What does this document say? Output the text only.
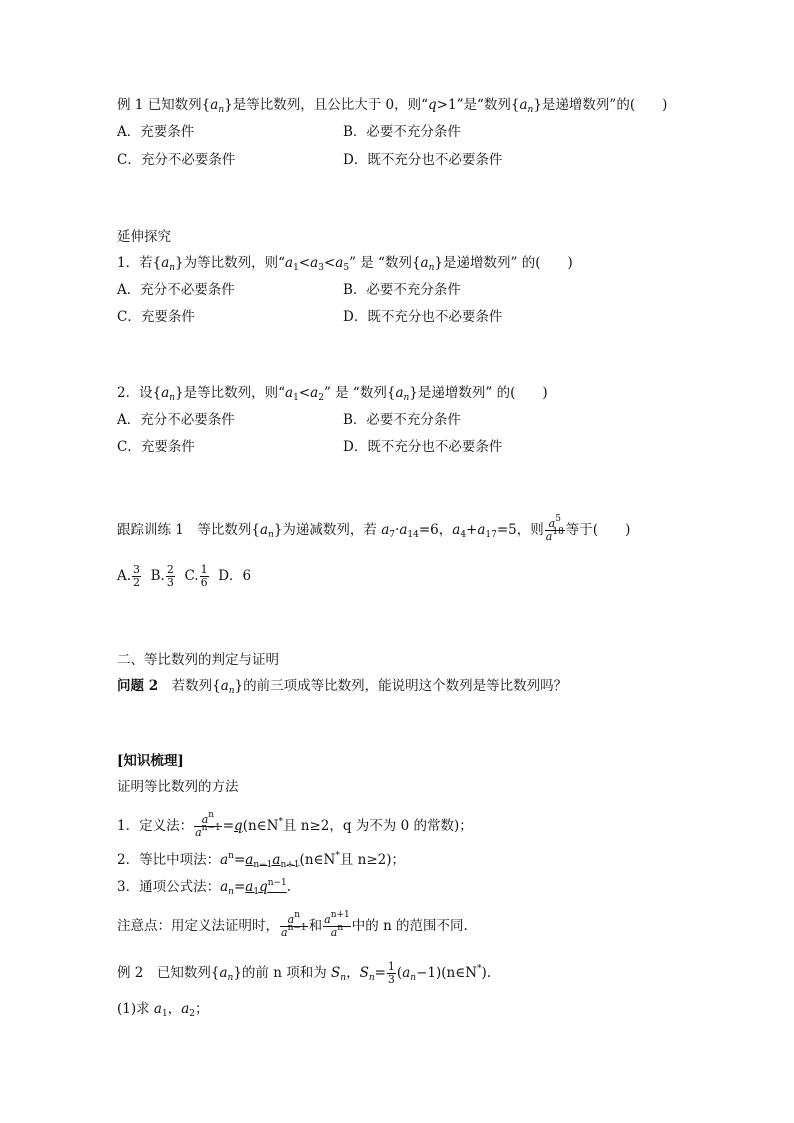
例 1 已知数列$\{a_n\}$是等比数列，且公比大于 0，则“q>1”是“数列$\{a_n\}$是递增数列”的(　　)
A．充要条件	B．必要不充分条件
C．充分不必要条件	D．既不充分也不必要条件
延伸探究
1．若$\{a_n\}$为等比数列，则“$a_1<a_3<a_5$” 是 “数列$\{a_n\}$是递增数列” 的(　　)
A．充分不必要条件	B．必要不充分条件
C．充要条件	D．既不充分也不必要条件
2．设$\{a_n\}$是等比数列，则“$a_1<a_2$” 是 “数列$\{a_n\}$是递增数列” 的(　　)
A．充分不必要条件	B．必要不充分条件
C．充要条件	D．既不充分也不必要条件
跟踪训练 1　 等比数列$\{a_n\}$为递减数列，若 $a_7\cdot a_{14}=6$，$a_4+a_{17}=5$，则 $\frac{a^5}{a^{18}}$ 等于(　　)
A. $\frac{3}{2} B$. $\frac{2}{3} C$. $\frac{1}{6}$ D．6
二、等比数列的判定与证明
问题 2　 若数列$\{a_n\}$的前三项成等比数列，能说明这个数列是等比数列吗？
[知识梳理]
证明等比数列的方法
1．定义法： $\frac{a^n}{a^{n-1}}$ =q(n∈N*且 n≥2，q 为不为 0 的常数)；
2．等比中项法：$a^n=a_{n-1}a_{n+1}(n\in N^*$且 n≥2)；
3．通项公式法：$a_n=a_1q^{n-1}$.
注意点：用定义法证明时， $\frac{a^n}{a^{n-1}}$ 和 $\frac{a^{n+1}}{a^n}$ 中的 n 的范围不同.
例 2　 已知数列$\{a_n\}$的前 n 项和为 $S_n$，$S_n= \frac{1}{3}$ $(a_n-1)(n\in N^*)$.
(1)求 $a_1$，$a_2$；
